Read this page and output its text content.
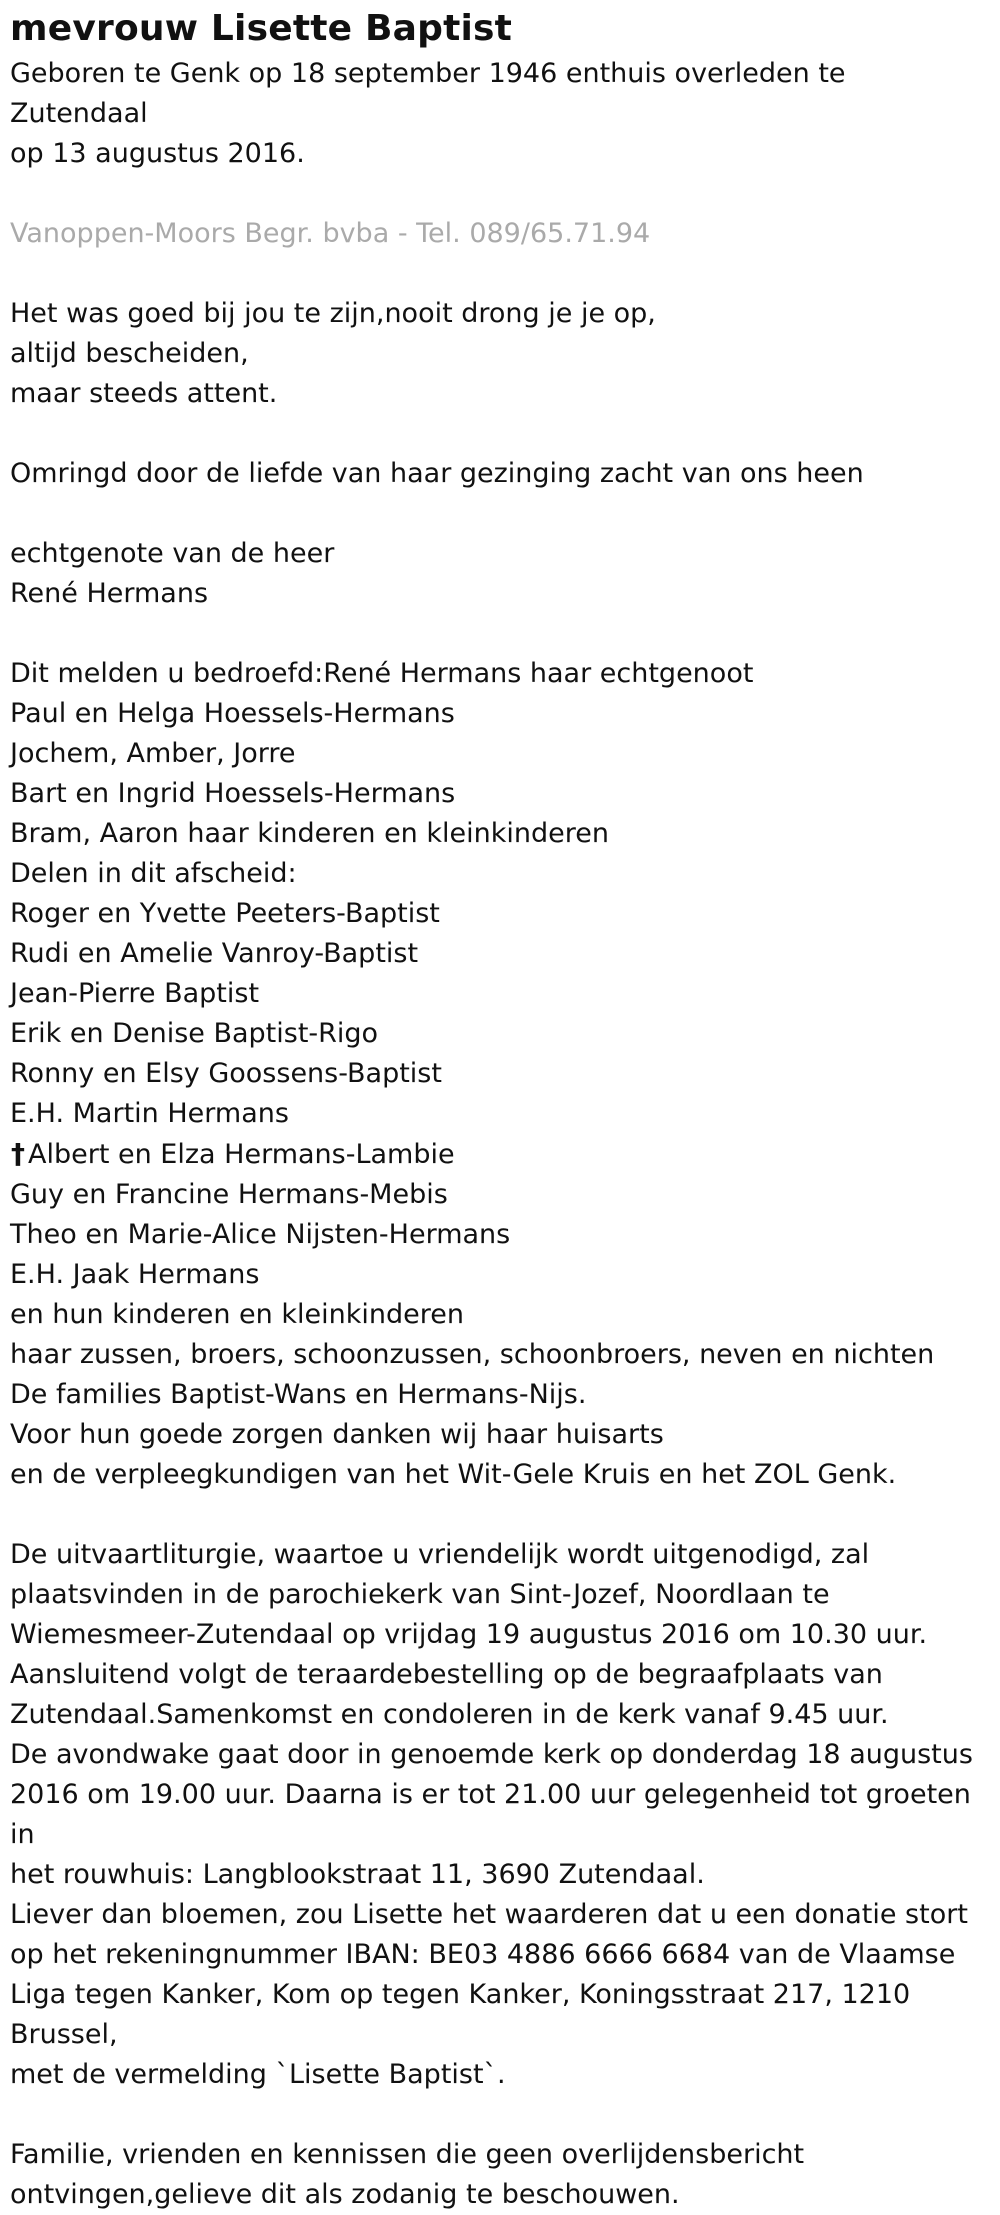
mevrouw Lisette Baptist

Geboren te Genk op 18 september 1946 enthuis overleden te Zutendaal

op 13 augustus 2016.

Vanoppen-Moors Begr. bvba - Tel. 089/65.71.94

Het was goed bij jou te zijn,nooit drong je je op,
altijd bescheiden,
maar steeds attent.

Omringd door de liefde van haar gezinging zacht van ons heen

echtgenote van de heer
René Hermans

Dit melden u bedroefd:René Hermans haar echtgenoot
Paul en Helga Hoessels-Hermans
Jochem, Amber, Jorre
Bart en Ingrid Hoessels-Hermans
Bram, Aaron haar kinderen en kleinkinderen
Delen in dit afscheid:
Roger en Yvette Peeters-Baptist
Rudi en Amelie Vanroy-Baptist
Jean-Pierre Baptist
Erik en Denise Baptist-Rigo
Ronny en Elsy Goossens-Baptist
E.H. Martin Hermans
† Albert en Elza Hermans-Lambie
Guy en Francine Hermans-Mebis
Theo en Marie-Alice Nijsten-Hermans
E.H. Jaak Hermans
en hun kinderen en kleinkinderen
haar zussen, broers, schoonzussen, schoonbroers, neven en nichten
De families Baptist-Wans en Hermans-Nijs.
Voor hun goede zorgen danken wij haar huisarts
en de verpleegkundigen van het Wit-Gele Kruis en het ZOL Genk.

De uitvaartliturgie, waartoe u vriendelijk wordt uitgenodigd, zal
plaatsvinden in de parochiekerk van Sint-Jozef, Noordlaan te
Wiemesmeer-Zutendaal op vrijdag 19 augustus 2016 om 10.30 uur.
Aansluitend volgt de teraardebestelling op de begraafplaats van
Zutendaal.Samenkomst en condoleren in de kerk vanaf 9.45 uur.
De avondwake gaat door in genoemde kerk op donderdag 18 augustus
2016 om 19.00 uur. Daarna is er tot 21.00 uur gelegenheid tot groeten in
het rouwhuis: Langblookstraat 11, 3690 Zutendaal.
Liever dan bloemen, zou Lisette het waarderen dat u een donatie stort
op het rekeningnummer IBAN: BE03 4886 6666 6684 van de Vlaamse
Liga tegen Kanker, Kom op tegen Kanker, Koningsstraat 217, 1210 Brussel,
met de vermelding `Lisette Baptist`.

Familie, vrienden en kennissen die geen overlijdensbericht
ontvingen,gelieve dit als zodanig te beschouwen.
